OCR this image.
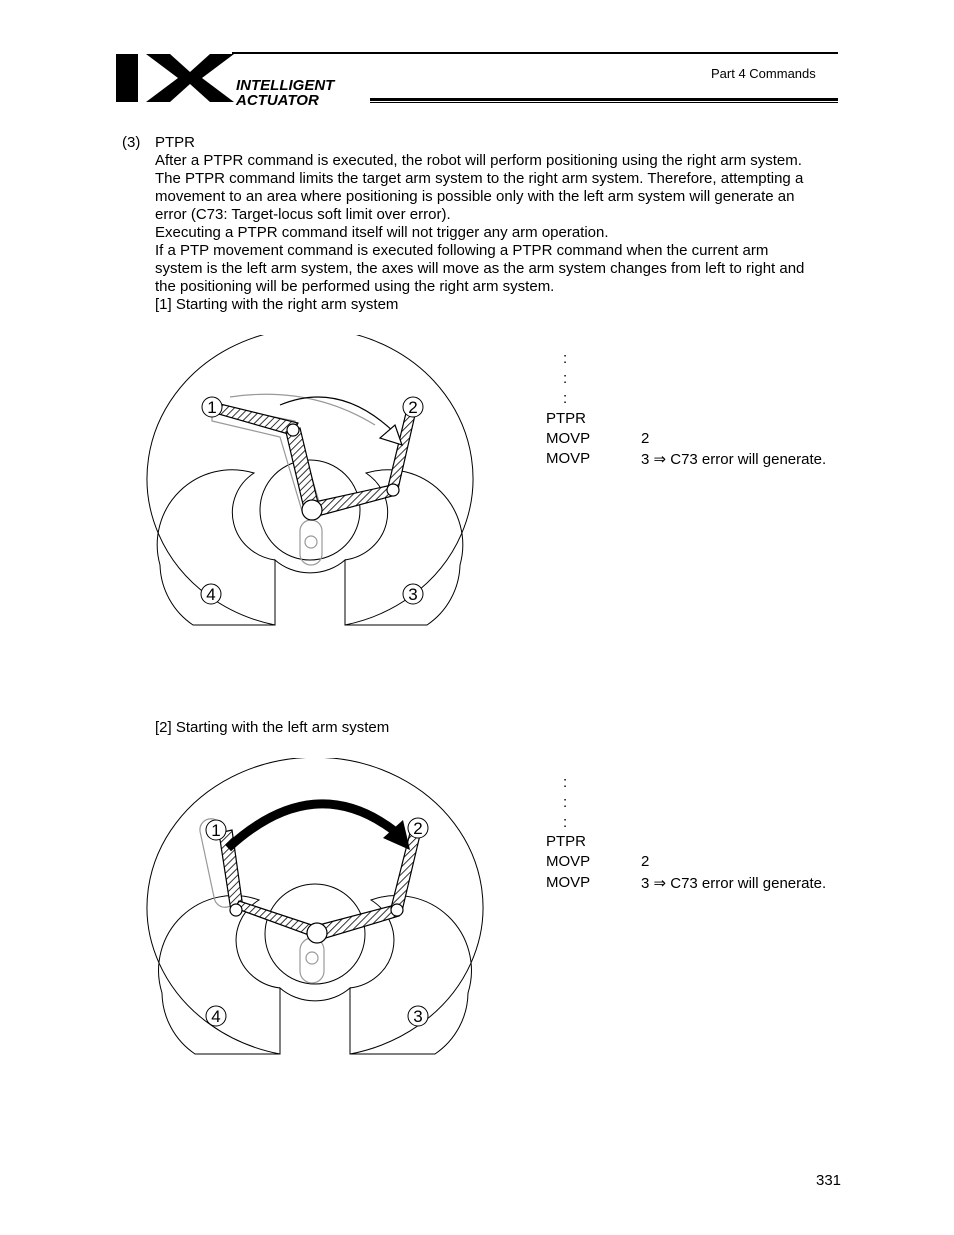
INTELLIGENT
ACTUATOR
Part 4 Commands
(3) PTPR
After a PTPR command is executed, the robot will perform positioning using the right arm system.
The PTPR command limits the target arm system to the right arm system. Therefore, attempting a
movement to an area where positioning is possible only with the left arm system will generate an
error (C73: Target-locus soft limit over error).
Executing a PTPR command itself will not trigger any arm operation.
If a PTP movement command is executed following a PTPR command when the current arm
system is the left arm system, the axes will move as the arm system changes from left to right and
the positioning will be performed using the right arm system.
[1] Starting with the right arm system
1	2
3
4
:
:
:
PTPR
MOVP	2
MOVP	3 ⇒ C73 error will generate.
[2] Starting with the left arm system
1	2
3
4
:
:
:
PTPR
MOVP	2
MOVP	3 ⇒ C73 error will generate.
331
